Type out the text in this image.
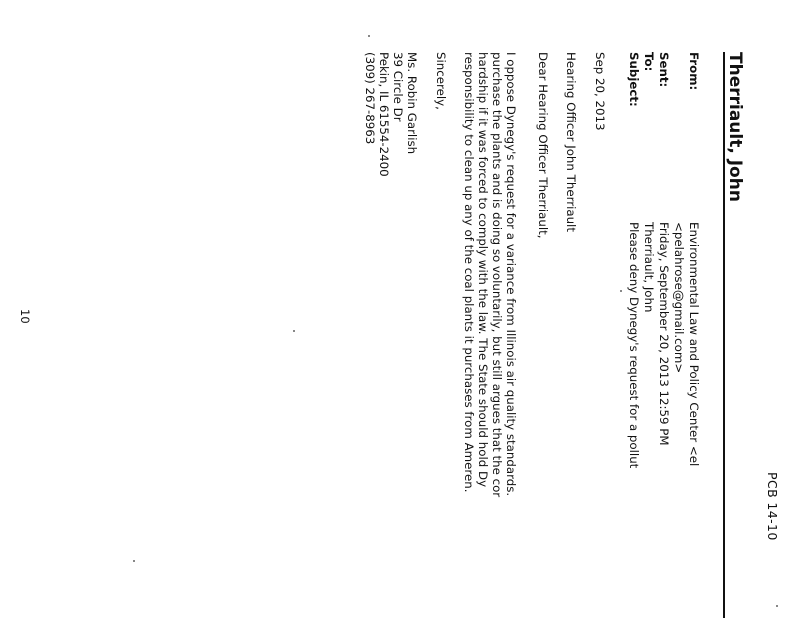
PCB 14-10
Therriault, John
From:
Environmental Law and Policy Center <el
<pelahrose@gmail.com>
Sent:
Friday, September 20, 2013 12:59 PM
To:
Therriault, John
Subject:
Please deny Dynegy's request for a pollut
Sep 20, 2013
Hearing Officer John Therriault
Dear Hearing Officer Therriault,
I oppose Dynegy's request for a variance from Illinois air quality standards.
purchase the plants and is doing so voluntarily, but still argues that the cor
hardship if it was forced to comply with the law. The State should hold Dy
responsibility to clean up any of the coal plants it purchases from Ameren.
Sincerely,
Ms. Robin Garlish
39 Circle Dr
Pekin, IL 61554-2400
(309) 267-8963
10
